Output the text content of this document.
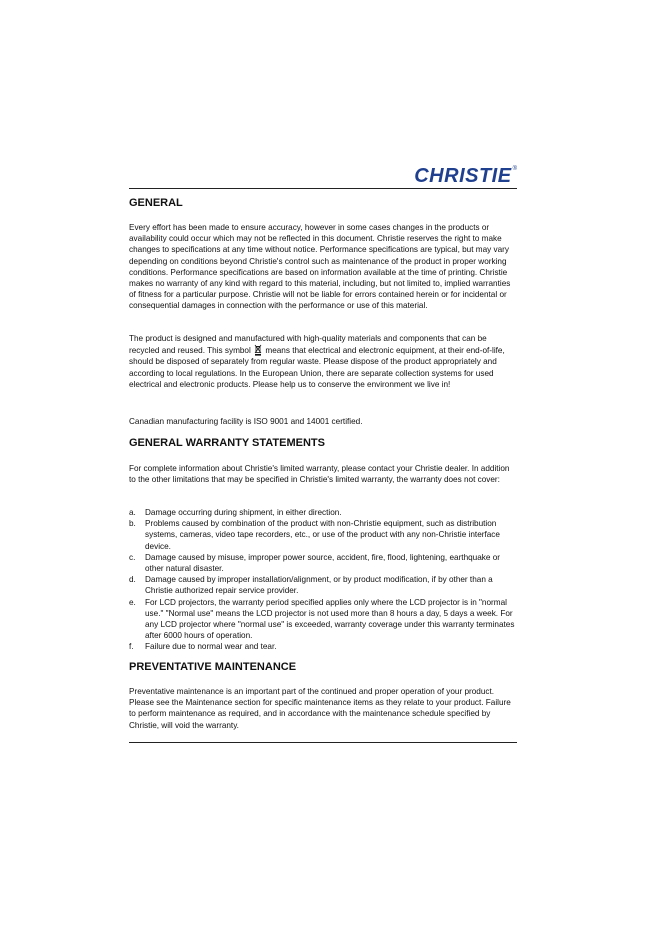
CHRISTIE ®
GENERAL

Every effort has been made to ensure accuracy, however in some cases changes in the products or availability could occur which may not be reflected in this document. Christie reserves the right to make changes to specifications at any time without notice. Performance specifications are typical, but may vary depending on conditions beyond Christie's control such as maintenance of the product in proper working conditions. Performance specifications are based on information available at the time of printing. Christie makes no warranty of any kind with regard to this material, including, but not limited to, implied warranties of fitness for a particular purpose. Christie will not be liable for errors contained herein or for incidental or consequential damages in connection with the performance or use of this material.

The product is designed and manufactured with high-quality materials and components that can be recycled and reused. This symbol means that electrical and electronic equipment, at their end-of-life, should be disposed of separately from regular waste. Please dispose of the product appropriately and according to local regulations. In the European Union, there are separate collection systems for used electrical and electronic products. Please help us to conserve the environment we live in!

Canadian manufacturing facility is ISO 9001 and 14001 certified.

GENERAL WARRANTY STATEMENTS

For complete information about Christie's limited warranty, please contact your Christie dealer. In addition to the other limitations that may be specified in Christie's limited warranty, the warranty does not cover:

a. Damage occurring during shipment, in either direction.
b. Problems caused by combination of the product with non-Christie equipment, such as distribution systems, cameras, video tape recorders, etc., or use of the product with any non-Christie interface device.
c. Damage caused by misuse, improper power source, accident, fire, flood, lightening, earthquake or other natural disaster.
d. Damage caused by improper installation/alignment, or by product modification, if by other than a Christie authorized repair service provider.
e. For LCD projectors, the warranty period specified applies only where the LCD projector is in "normal use." "Normal use" means the LCD projector is not used more than 8 hours a day, 5 days a week. For any LCD projector where "normal use" is exceeded, warranty coverage under this warranty terminates after 6000 hours of operation.
f. Failure due to normal wear and tear.
PREVENTATIVE MAINTENANCE

Preventative maintenance is an important part of the continued and proper operation of your product. Please see the Maintenance section for specific maintenance items as they relate to your product. Failure to perform maintenance as required, and in accordance with the maintenance schedule specified by Christie, will void the warranty.
